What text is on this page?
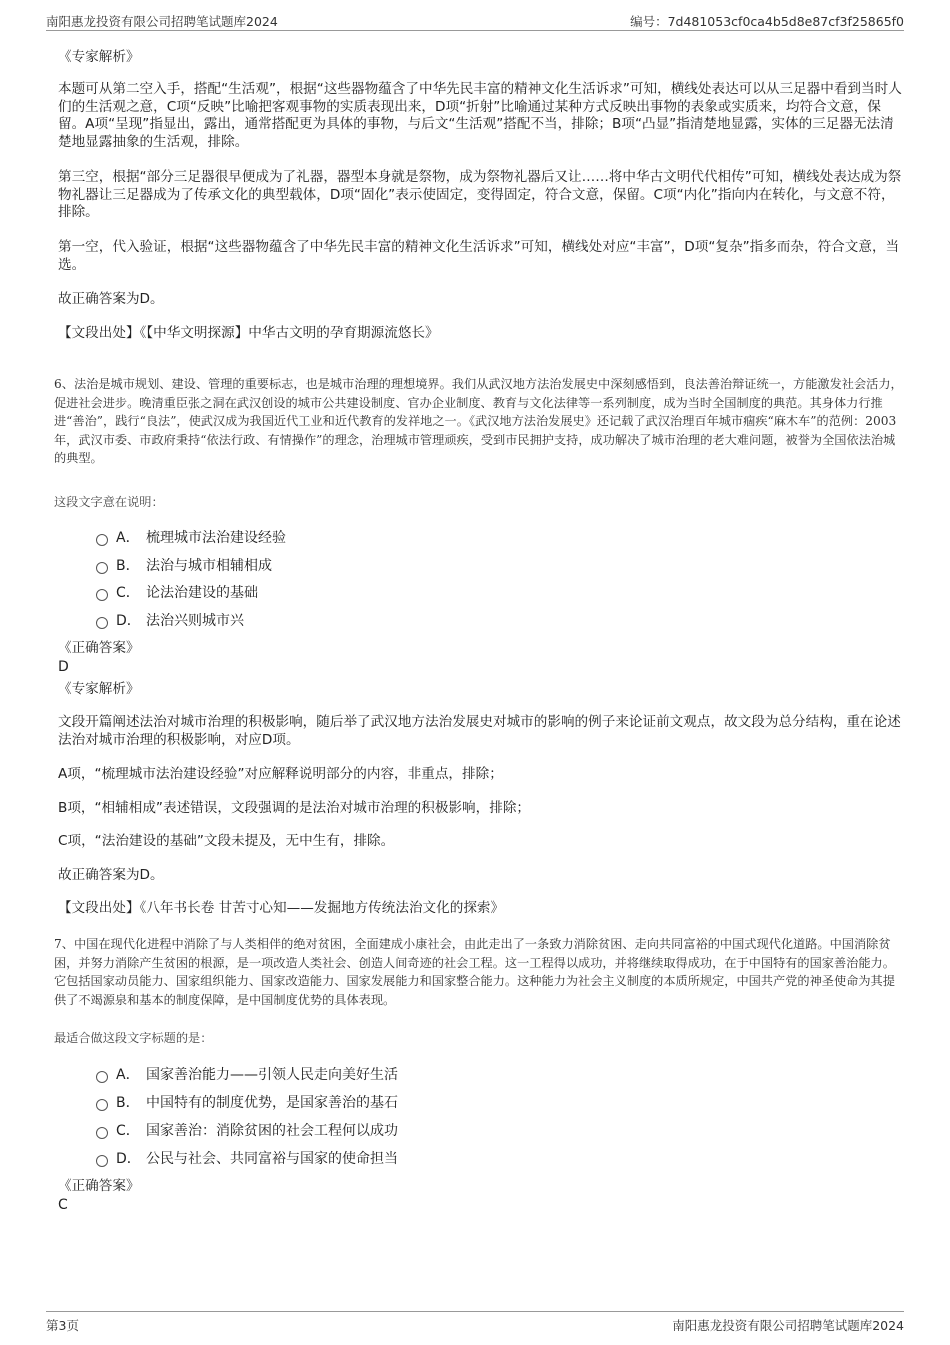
南阳惠龙投资有限公司招聘笔试题库2024	编号：7d481053cf0ca4b5d8e87cf3f25865f0
《专家解析》

本题可从第二空入手，搭配“生活观”，根据“这些器物蕴含了中华先民丰富的精神文化生活诉求”可知，横线处表达可以从三足器中看到当时人们的生活观之意，C项“反映”比喻把客观事物的实质表现出来，D项“折射”比喻通过某种方式反映出事物的表象或实质来，均符合文意，保留。A项“呈现”指显出，露出，通常搭配更为具体的事物，与后文“生活观”搭配不当，排除；B项“凸显”指清楚地显露，实体的三足器无法清楚地显露抽象的生活观，排除。

第三空，根据“部分三足器很早便成为了礼器，器型本身就是祭物，成为祭物礼器后又让……将中华古文明代代相传”可知，横线处表达成为祭物礼器让三足器成为了传承文化的典型载体，D项“固化”表示使固定，变得固定，符合文意，保留。C项“内化”指向内在转化，与文意不符，排除。

第一空，代入验证，根据“这些器物蕴含了中华先民丰富的精神文化生活诉求”可知，横线处对应“丰富”，D项“复杂”指多而杂，符合文意，当选。

故正确答案为D。

【文段出处】《【中华文明探源】中华古文明的孕育期源流悠长》

6、法治是城市规划、建设、管理的重要标志，也是城市治理的理想境界。我们从武汉地方法治发展史中深刻感悟到，良法善治辩证统一，方能激发社会活力，促进社会进步。晚清重臣张之洞在武汉创设的城市公共建设制度、官办企业制度、教育与文化法律等一系列制度，成为当时全国制度的典范。其身体力行推进“善治”，践行“良法”，使武汉成为我国近代工业和近代教育的发祥地之一。《武汉地方法治发展史》还记载了武汉治理百年城市痼疾“麻木车”的范例：2003年，武汉市委、市政府秉持“依法行政、有情操作”的理念，治理城市管理顽疾，受到市民拥护支持，成功解决了城市治理的老大难问题，被誉为全国依法治城的典型。

这段文字意在说明：
A． 梳理城市法治建设经验
B． 法治与城市相辅相成
C． 论法治建设的基础
D． 法治兴则城市兴
《正确答案》
D
《专家解析》

文段开篇阐述法治对城市治理的积极影响，随后举了武汉地方法治发展史对城市的影响的例子来论证前文观点，故文段为总分结构，重在论述法治对城市治理的积极影响，对应D项。

A项，“梳理城市法治建设经验”对应解释说明部分的内容，非重点，排除；

B项，“相辅相成”表述错误，文段强调的是法治对城市治理的积极影响，排除；

C项，“法治建设的基础”文段未提及，无中生有，排除。

故正确答案为D。

【文段出处】《八年书长卷 甘苦寸心知——发掘地方传统法治文化的探索》

7、中国在现代化进程中消除了与人类相伴的绝对贫困，全面建成小康社会，由此走出了一条致力消除贫困、走向共同富裕的中国式现代化道路。中国消除贫困，并努力消除产生贫困的根源，是一项改造人类社会、创造人间奇迹的社会工程。这一工程得以成功，并将继续取得成功，在于中国特有的国家善治能力。它包括国家动员能力、国家组织能力、国家改造能力、国家发展能力和国家整合能力。这种能力为社会主义制度的本质所规定，中国共产党的神圣使命为其提供了不竭源泉和基本的制度保障，是中国制度优势的具体表现。

最适合做这段文字标题的是：
A． 国家善治能力——引领人民走向美好生活
B． 中国特有的制度优势，是国家善治的基石
C． 国家善治：消除贫困的社会工程何以成功
D． 公民与社会、共同富裕与国家的使命担当
《正确答案》
C
第3页	南阳惠龙投资有限公司招聘笔试题库2024
